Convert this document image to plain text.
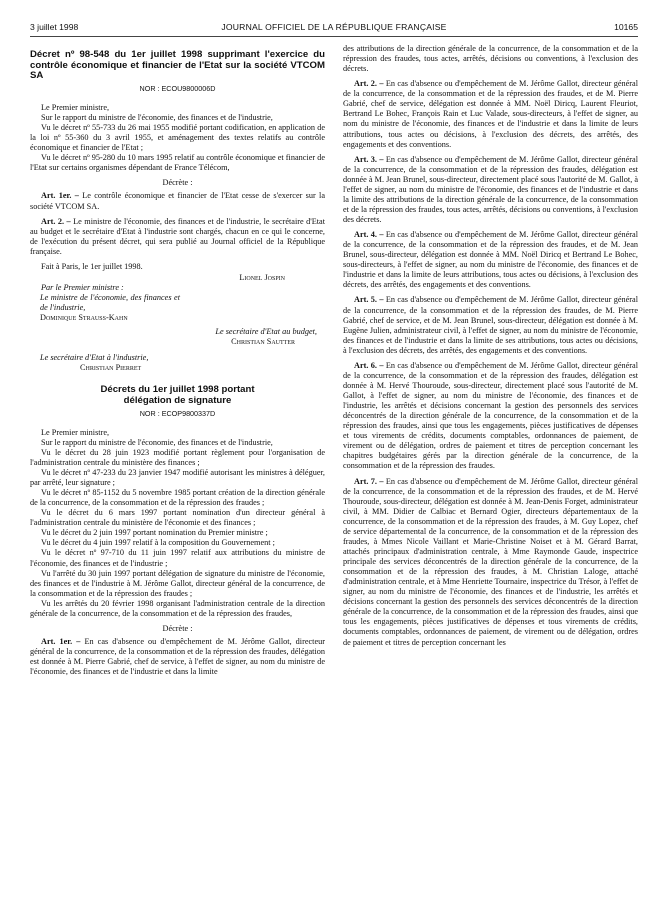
3 juillet 1998	JOURNAL OFFICIEL DE LA RÉPUBLIQUE FRANÇAISE	10165
Décret nº 98-548 du 1er juillet 1998 supprimant l'exercice du contrôle économique et financier de l'Etat sur la société VTCOM SA
NOR : ECOU9800006D

Le Premier ministre,

Sur le rapport du ministre de l'économie, des finances et de l'industrie,

Vu le décret nº 55-733 du 26 mai 1955 modifié portant codification, en application de la loi nº 55-360 du 3 avril 1955, et aménagement des textes relatifs au contrôle économique et financier de l'Etat ;

Vu le décret nº 95-280 du 10 mars 1995 relatif au contrôle économique et financier de l'Etat sur certains organismes dépendant de France Télécom,

Décrète :

Art. 1er. – Le contrôle économique et financier de l'Etat cesse de s'exercer sur la société VTCOM SA.

Art. 2. – Le ministre de l'économie, des finances et de l'industrie, le secrétaire d'Etat au budget et le secrétaire d'Etat à l'industrie sont chargés, chacun en ce qui le concerne, de l'exécution du présent décret, qui sera publié au Journal officiel de la République française.

Fait à Paris, le 1er juillet 1998.

Lionel Jospin

Par le Premier ministre :

Le ministre de l'économie, des finances et de l'industrie,
Dominique Strauss-Kahn
Le secrétaire d'Etat au budget,
Christian Sautter
Le secrétaire d'Etat à l'industrie,
Christian Pierret
Décrets du 1er juillet 1998 portant délégation de signature
NOR : ECOP9800337D

Le Premier ministre,

Sur le rapport du ministre de l'économie, des finances et de l'industrie,

Vu le décret du 28 juin 1923 modifié portant règlement pour l'organisation de l'administration centrale du ministère des finances ;

Vu le décret nº 47-233 du 23 janvier 1947 modifié autorisant les ministres à déléguer, par arrêté, leur signature ;

Vu le décret nº 85-1152 du 5 novembre 1985 portant création de la direction générale de la concurrence, de la consommation et de la répression des fraudes ;

Vu le décret du 6 mars 1997 portant nomination d'un directeur général à l'administration centrale du ministère de l'économie et des finances ;

Vu le décret du 2 juin 1997 portant nomination du Premier ministre ;

Vu le décret du 4 juin 1997 relatif à la composition du Gouvernement ;

Vu le décret nº 97-710 du 11 juin 1997 relatif aux attributions du ministre de l'économie, des finances et de l'industrie ;

Vu l'arrêté du 30 juin 1997 portant délégation de signature du ministre de l'économie, des finances et de l'industrie à M. Jérôme Gallot, directeur général de la concurrence, de la consommation et de la répression des fraudes ;

Vu les arrêtés du 20 février 1998 organisant l'administration centrale de la direction générale de la concurrence, de la consommation et de la répression des fraudes,

Décrète :

Art. 1er. – En cas d'absence ou d'empêchement de M. Jérôme Gallot, directeur général de la concurrence, de la consommation et de la répression des fraudes, délégation est donnée à M. Pierre Gabrié, chef de service, à l'effet de signer, au nom du ministre de l'économie, des finances et de l'industrie et dans la limite

des attributions de la direction générale de la concurrence, de la consommation et de la répression des fraudes, tous actes, arrêtés, décisions ou conventions, à l'exclusion des décrets.

Art. 2. – En cas d'absence ou d'empêchement de M. Jérôme Gallot, directeur général de la concurrence, de la consommation et de la répression des fraudes, et de M. Pierre Gabrié, chef de service, délégation est donnée à MM. Noël Diricq, Laurent Fleuriot, Bertrand Le Bohec, François Rain et Luc Valade, sous-directeurs, à l'effet de signer, au nom du ministre de l'économie, des finances et de l'industrie et dans la limite de leurs attributions, tous actes ou décisions, à l'exclusion des décrets, des arrêtés, des engagements et des conventions.

Art. 3. – En cas d'absence ou d'empêchement de M. Jérôme Gallot, directeur général de la concurrence, de la consommation et de la répression des fraudes, délégation est donnée à M. Jean Brunel, sous-directeur, directement placé sous l'autorité de M. Gallot, à l'effet de signer, au nom du ministre de l'économie, des finances et de l'industrie et dans la limite des attributions de la direction générale de la concurrence, de la consommation et de la répression des fraudes, tous actes, arrêtés, décisions ou conventions, à l'exclusion des décrets.

Art. 4. – En cas d'absence ou d'empêchement de M. Jérôme Gallot, directeur général de la concurrence, de la consommation et de la répression des fraudes, et de M. Jean Brunel, sous-directeur, délégation est donnée à MM. Noël Diricq et Bertrand Le Bohec, sous-directeurs, à l'effet de signer, au nom du ministre de l'économie, des finances et de l'industrie et dans la limite de leurs attributions, tous actes ou décisions, à l'exclusion des décrets, des arrêtés, des engagements et des conventions.

Art. 5. – En cas d'absence ou d'empêchement de M. Jérôme Gallot, directeur général de la concurrence, de la consommation et de la répression des fraudes, de M. Pierre Gabrié, chef de service, et de M. Jean Brunel, sous-directeur, délégation est donnée à M. Eugène Julien, administrateur civil, à l'effet de signer, au nom du ministre de l'économie, des finances et de l'industrie et dans la limite de ses attributions, tous actes ou décisions, à l'exclusion des décrets, des arrêtés, des engagements et des conventions.

Art. 6. – En cas d'absence ou d'empêchement de M. Jérôme Gallot, directeur général de la concurrence, de la consommation et de la répression des fraudes, délégation est donnée à M. Hervé Thouroude, sous-directeur, directement placé sous l'autorité de M. Gallot, à l'effet de signer, au nom du ministre de l'économie, des finances et de l'industrie, les arrêtés et décisions concernant la gestion des personnels des services déconcentrés de la direction générale de la concurrence, de la consommation et de la répression des fraudes, ainsi que tous les engagements, pièces justificatives de dépenses et tous virements de crédits, documents comptables, ordonnances de paiement, de virement ou de délégation, ordres de paiement et titres de perception concernant les chapitres budgétaires gérés par la direction générale de la concurrence, de la consommation et de la répression des fraudes.

Art. 7. – En cas d'absence ou d'empêchement de M. Jérôme Gallot, directeur général de la concurrence, de la consommation et de la répression des fraudes, et de M. Hervé Thouroude, sous-directeur, délégation est donnée à M. Jean-Denis Forget, administrateur civil, à MM. Didier de Calbiac et Bernard Ogier, directeurs départementaux de la concurrence, de la consommation et de la répression des fraudes, à M. Guy Lopez, chef de service départemental de la concurrence, de la consommation et de la répression des fraudes, à Mmes Nicole Vaillant et Marie-Christine Noiset et à M. Gérard Barrat, attachés principaux d'administration centrale, à Mme Raymonde Gaude, inspectrice principale des services déconcentrés de la direction générale de la concurrence, de la consommation et de la répression des fraudes, à M. Christian Laloge, attaché d'administration centrale, et à Mme Henriette Tournaire, inspectrice du Trésor, à l'effet de signer, au nom du ministre de l'économie, des finances et de l'industrie, les arrêtés et décisions concernant la gestion des personnels des services déconcentrés de la direction générale de la concurrence, de la consommation et de la répression des fraudes, ainsi que tous les engagements, pièces justificatives de dépenses et tous virements de crédits, documents comptables, ordonnances de paiement, de virement ou de délégation, ordres de paiement et titres de perception concernant les
